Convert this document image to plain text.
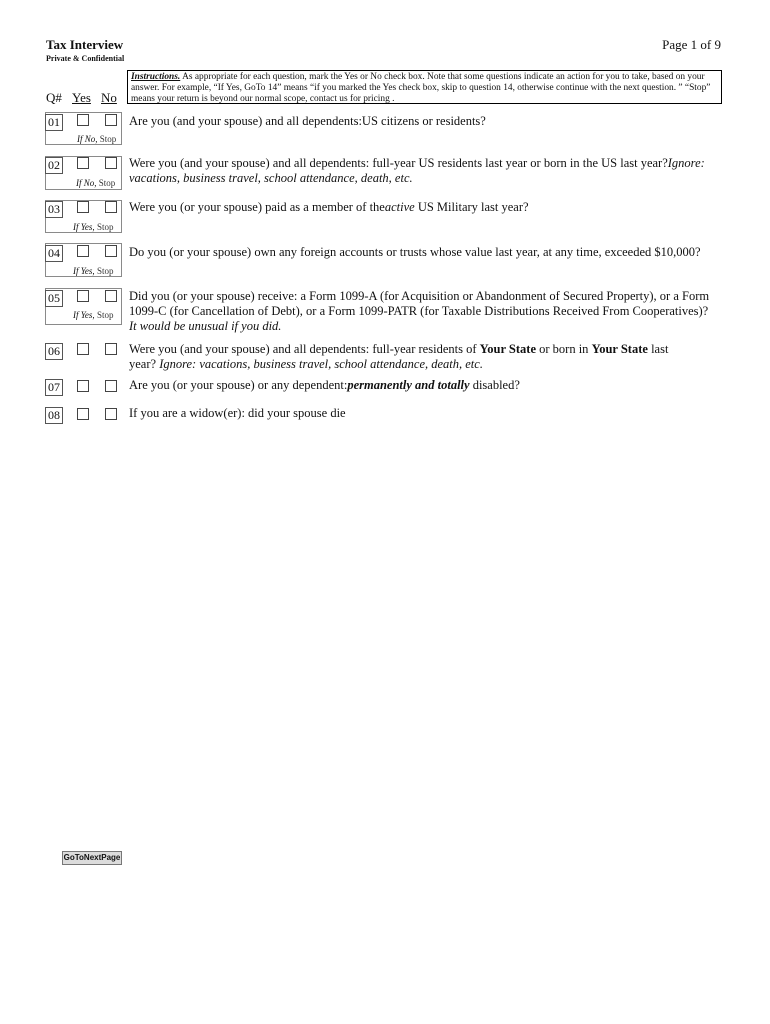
Tax Interview
Private & Confidential
Page 1 of 9
Instructions. As appropriate for each question, mark the Yes or No check box. Note that some questions indicate an action for you to take, based on your
answer. For example, “If Yes, GoTo 14” means “if you marked the Yes check box, skip to question 14, otherwise continue with the next question. ” “Stop”
means your return is beyond our normal scope, contact us for pricing .
Q# Yes No
01
If No, Stop
Are you (and your spouse) and all dependents:US citizens or residents?
02
If No, Stop
Were you (and your spouse) and all dependents: full-year US residents last year or born in the US last year?Ignore:
vacations, business travel, school attendance, death, etc.
03
If Yes, Stop
Were you (or your spouse) paid as a member of theactive US Military last year?
04
If Yes, Stop
Do you (or your spouse) own any foreign accounts or trusts whose value last year, at any time, exceeded $10,000?
05
If Yes, Stop
Did you (or your spouse) receive: a Form 1099-A (for Acquisition or Abandonment of Secured Property), or a Form
1099-C (for Cancellation of Debt), or a Form 1099-PATR (for Taxable Distributions Received From Cooperatives)?
It would be unusual if you did.
06	Were you (and your spouse) and all dependents: full-year residents of Your State or born in Your State last
year? Ignore: vacations, business travel, school attendance, death, etc.
07	Are you (or your spouse) or any dependent:permanently and totally disabled?
08	If you are a widow(er): did your spouse die
GoToNextPage
